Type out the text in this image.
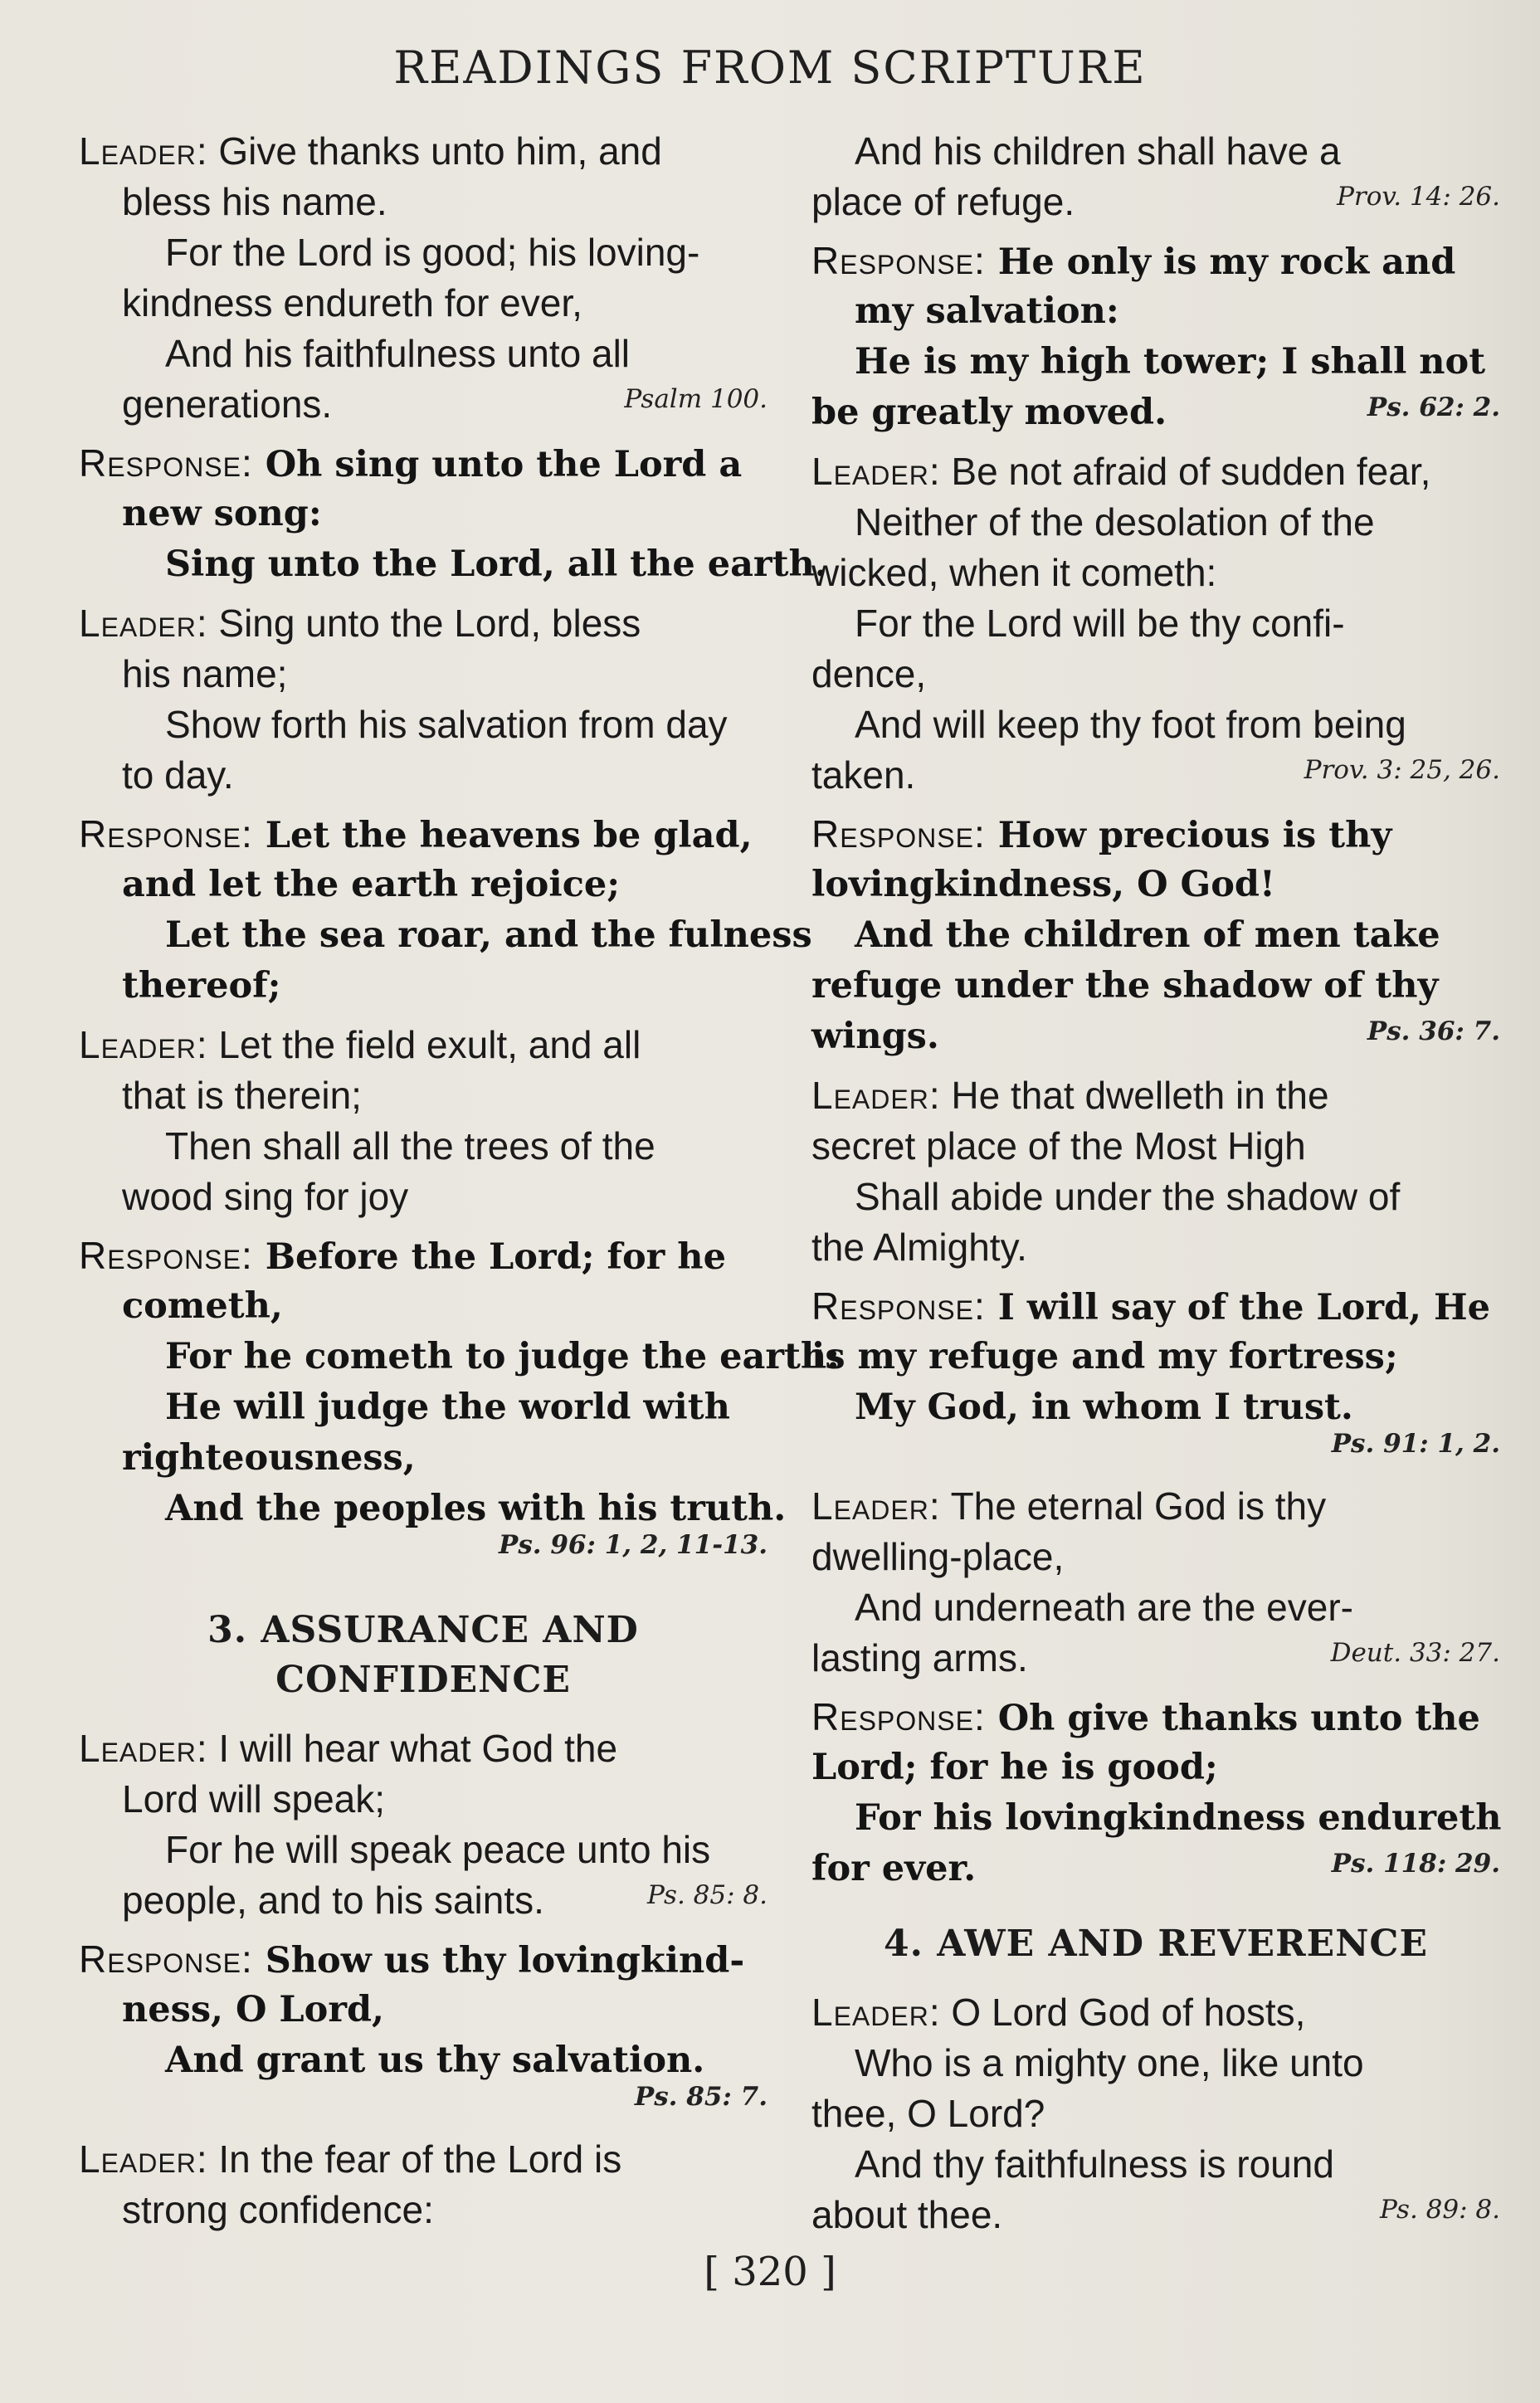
READINGS FROM SCRIPTURE
Leader: Give thanks unto him, and
bless his name.
For the Lord is good; his loving-
kindness endureth for ever,
And his faithfulness unto all
generations.	Psalm 100.
Response: Oh sing unto the Lord a
new song:
Sing unto the Lord, all the earth.
Leader: Sing unto the Lord, bless
his name;
Show forth his salvation from day
to day.
Response: Let the heavens be glad,
and let the earth rejoice;
Let the sea roar, and the fulness
thereof;
Leader: Let the field exult, and all
that is therein;
Then shall all the trees of the
wood sing for joy
Response: Before the Lord; for he
cometh,
For he cometh to judge the earth:
He will judge the world with
righteousness,
And the peoples with his truth.
Ps. 96: 1, 2, 11-13.
3. ASSURANCE AND
CONFIDENCE
Leader: I will hear what God the
Lord will speak;
For he will speak peace unto his
people, and to his saints.	Ps. 85: 8.
Response: Show us thy lovingkind-
ness, O Lord,
And grant us thy salvation.
Ps. 85: 7.
Leader: In the fear of the Lord is
strong confidence:
And his children shall have a
place of refuge.	Prov. 14: 26.
Response: He only is my rock and
my salvation:
He is my high tower; I shall not
be greatly moved.	Ps. 62: 2.
Leader: Be not afraid of sudden fear,
Neither of the desolation of the
wicked, when it cometh:
For the Lord will be thy confi-
dence,
And will keep thy foot from being
taken.	Prov. 3: 25, 26.
Response: How precious is thy
lovingkindness, O God!
And the children of men take
refuge under the shadow of thy
wings.	Ps. 36: 7.
Leader: He that dwelleth in the
secret place of the Most High
Shall abide under the shadow of
the Almighty.
Response: I will say of the Lord, He
is my refuge and my fortress;
My God, in whom I trust.
Ps. 91: 1, 2.
Leader: The eternal God is thy
dwelling-place,
And underneath are the ever-
lasting arms.	Deut. 33: 27.
Response: Oh give thanks unto the
Lord; for he is good;
For his lovingkindness endureth
for ever.	Ps. 118: 29.
4. AWE AND REVERENCE
Leader: O Lord God of hosts,
Who is a mighty one, like unto
thee, O Lord?
And thy faithfulness is round
about thee.	Ps. 89: 8.
[ 320 ]
